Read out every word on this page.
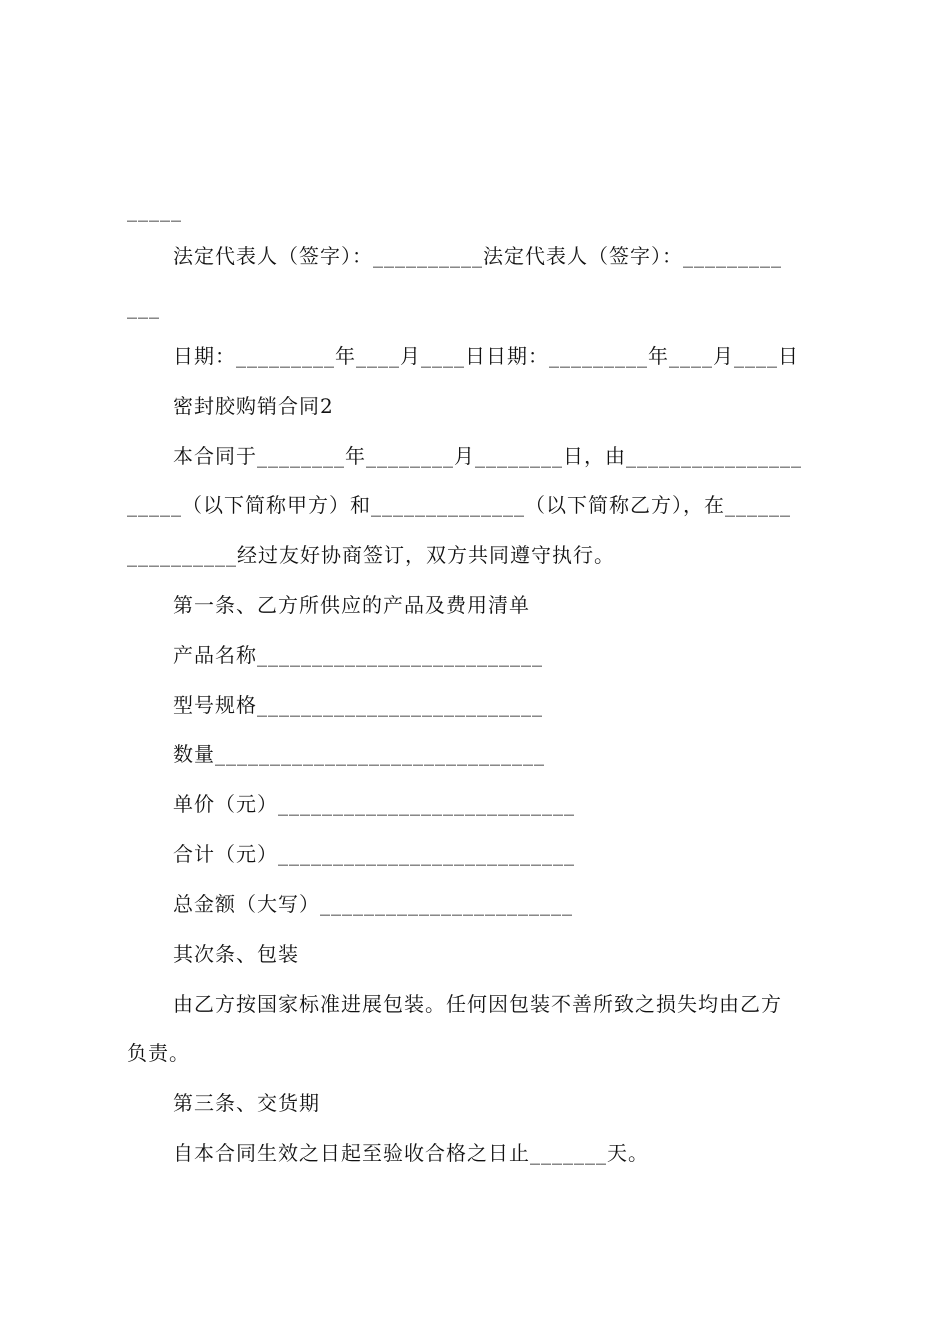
_____
法定代表人（签字）：__________法定代表人（签字）：_________
___
日期：_________年____月____日日期：_________年____月____日
密封胶购销合同2
本合同于________年________月________日，由________________
_____（以下简称甲方）和______________（以下简称乙方），在______
__________经过友好协商签订，双方共同遵守执行。
第一条、乙方所供应的产品及费用清单
产品名称__________________________
型号规格__________________________
数量______________________________
单价（元）___________________________
合计（元）___________________________
总金额（大写）_______________________
其次条、包装
由乙方按国家标准进展包装。任何因包装不善所致之损失均由乙方
负责。
第三条、交货期
自本合同生效之日起至验收合格之日止_______天。
